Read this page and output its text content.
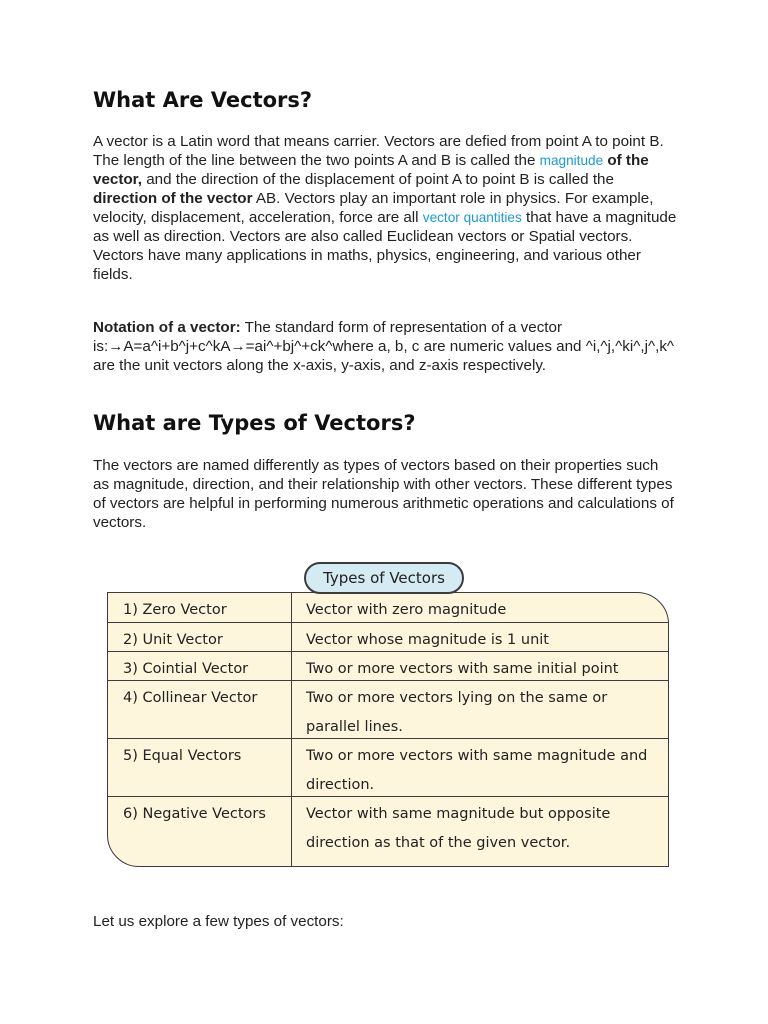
What Are Vectors?

A vector is a Latin word that means carrier. Vectors are defied from point A to point B. The length of the line between the two points A and B is called the magnitude of the vector, and the direction of the displacement of point A to point B is called the direction of the vector AB. Vectors play an important role in physics. For example, velocity, displacement, acceleration, force are all vector quantities that have a magnitude as well as direction. Vectors are also called Euclidean vectors or Spatial vectors. Vectors have many applications in maths, physics, engineering, and various other fields.

Notation of a vector: The standard form of representation of a vector is:→A=a^i+b^j+c^kA→=ai^+bj^+ck^where a, b, c are numeric values and ^i,^j,^ki^,j^,k^ are the unit vectors along the x-axis, y-axis, and z-axis respectively.

What are Types of Vectors?

The vectors are named differently as types of vectors based on their properties such as magnitude, direction, and their relationship with other vectors. These different types of vectors are helpful in performing numerous arithmetic operations and calculations of vectors.

Let us explore a few types of vectors:

1) Zero Vector	Vector with zero magnitude
2) Unit Vector	Vector whose magnitude is 1 unit
3) Cointial Vector	Two or more vectors with same initial point
4) Collinear Vector	Two or more vectors lying on the same or parallel lines.
5) Equal Vectors	Two or more vectors with same magnitude and direction.
6) Negative Vectors	Vector with same magnitude but opposite direction as that of the given vector.
Types of Vectors
